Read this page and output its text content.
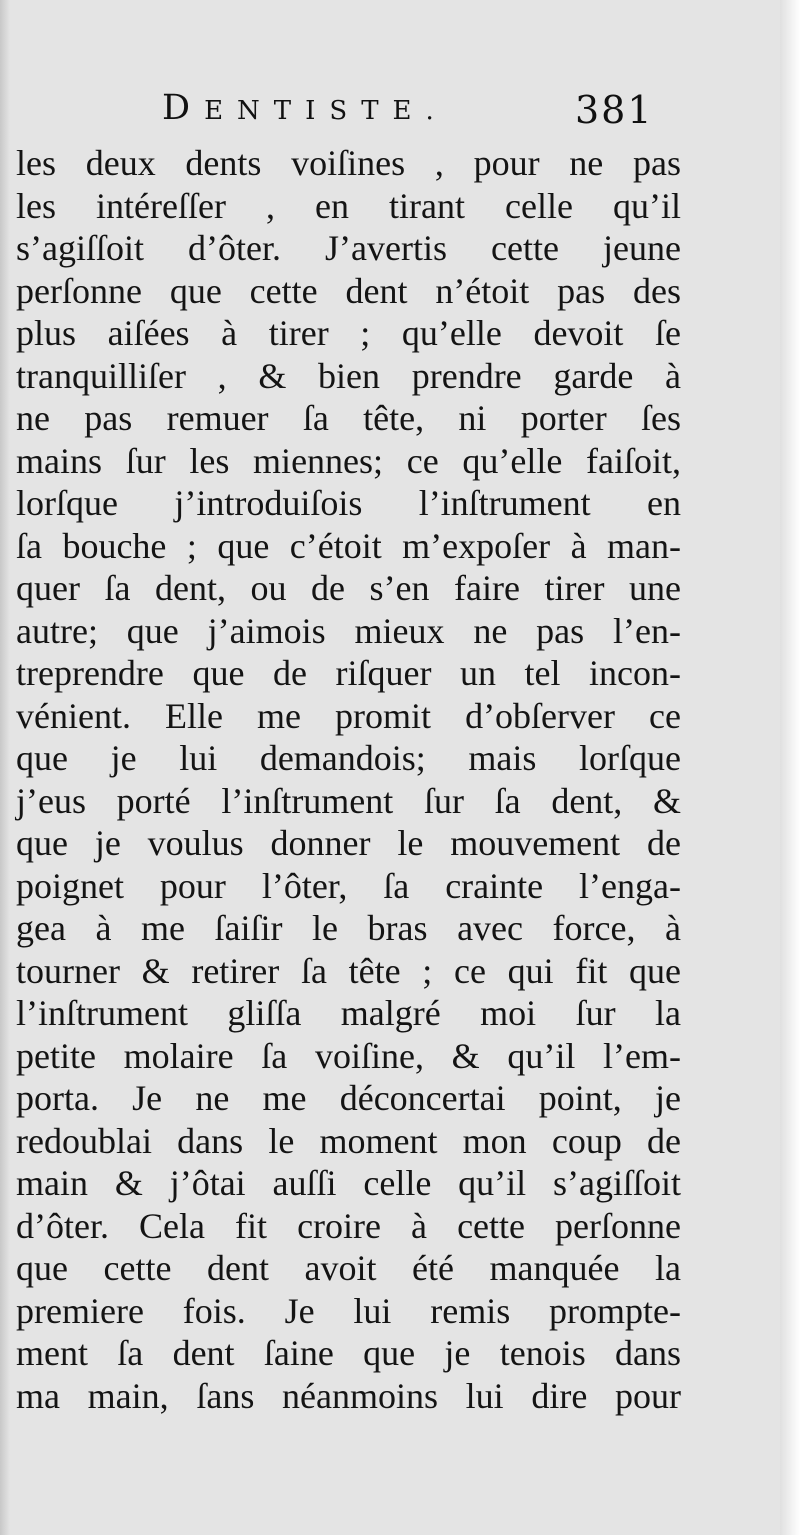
DENTISTE.	381
les deux dents voiſines , pour ne pas
les intéreſſer , en tirant celle qu’il
s’agiſſoit d’ôter. J’avertis cette jeune
perſonne que cette dent n’étoit pas des
plus aiſées à tirer ; qu’elle devoit ſe
tranquilliſer , & bien prendre garde à
ne pas remuer ſa tête, ni porter ſes
mains ſur les miennes; ce qu’elle faiſoit,
lorſque j’introduiſois l’inſtrument en
ſa bouche ; que c’étoit m’expoſer à man-
quer ſa dent, ou de s’en faire tirer une
autre; que j’aimois mieux ne pas l’en-
treprendre que de riſquer un tel incon-
vénient. Elle me promit d’obſerver ce
que je lui demandois; mais lorſque
j’eus porté l’inſtrument ſur ſa dent, &
que je voulus donner le mouvement de
poignet pour l’ôter, ſa crainte l’enga-
gea à me ſaiſir le bras avec force, à
tourner & retirer ſa tête ; ce qui fit que
l’inſtrument gliſſa malgré moi ſur la
petite molaire ſa voiſine, & qu’il l’em-
porta. Je ne me déconcertai point, je
redoublai dans le moment mon coup de
main & j’ôtai auſſi celle qu’il s’agiſſoit
d’ôter. Cela fit croire à cette perſonne
que cette dent avoit été manquée la
premiere fois. Je lui remis prompte-
ment ſa dent ſaine que je tenois dans
ma main, ſans néanmoins lui dire pour
